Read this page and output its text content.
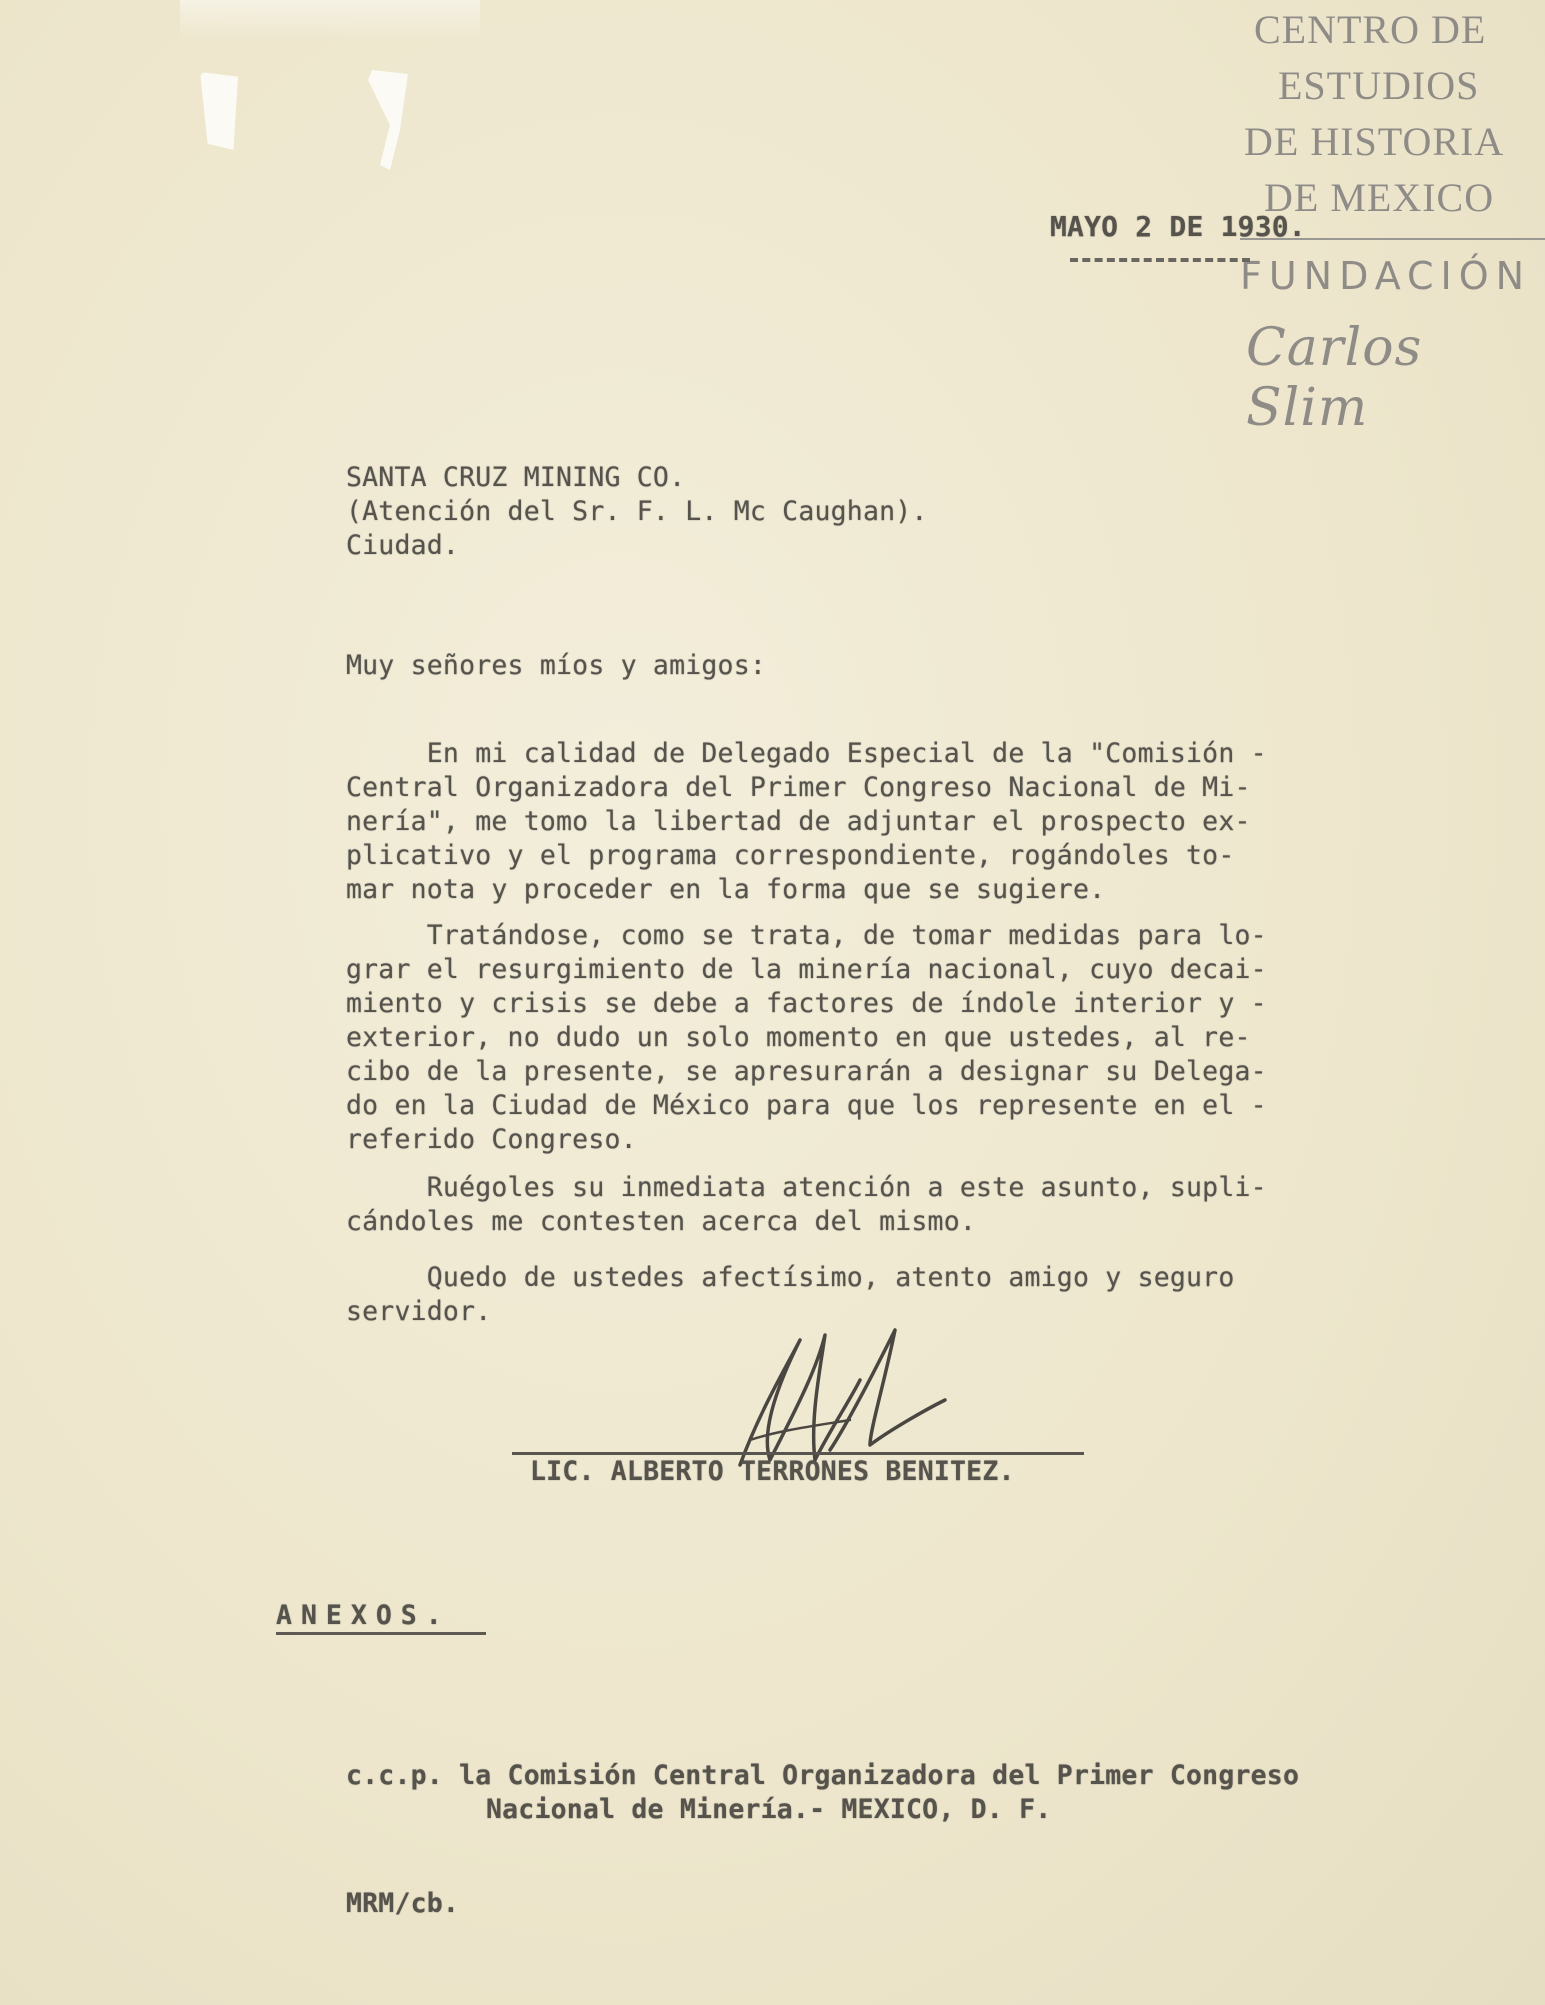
CENTRO DE
ESTUDIOS
DE HISTORIA
DE MEXICO
FUNDACIÓN
Carlos Slim
MAYO 2 DE 1930.
SANTA CRUZ MINING CO.
(Atención del Sr. F. L. Mc Caughan).
Ciudad.
Muy señores míos y amigos:
En mi calidad de Delegado Especial de la "Comisión -
Central Organizadora del Primer Congreso Nacional de Mi-
nería", me tomo la libertad de adjuntar el prospecto ex-
plicativo y el programa correspondiente, rogándoles to-
mar nota y proceder en la forma que se sugiere.
Tratándose, como se trata, de tomar medidas para lo-
grar el resurgimiento de la minería nacional, cuyo decai-
miento y crisis se debe a factores de índole interior y -
exterior, no dudo un solo momento en que ustedes, al re-
cibo de la presente, se apresurarán a designar su Delega-
do en la Ciudad de México para que los represente en el -
referido Congreso.
Ruégoles su inmediata atención a este asunto, supli-
cándoles me contesten acerca del mismo.
Quedo de ustedes afectísimo, atento amigo y seguro
servidor.
LIC. ALBERTO TERRONES BENITEZ.
ANEXOS.
c.c.p. la Comisión Central Organizadora del Primer Congreso
Nacional de Minería.- MEXICO, D. F.
MRM/cb.
